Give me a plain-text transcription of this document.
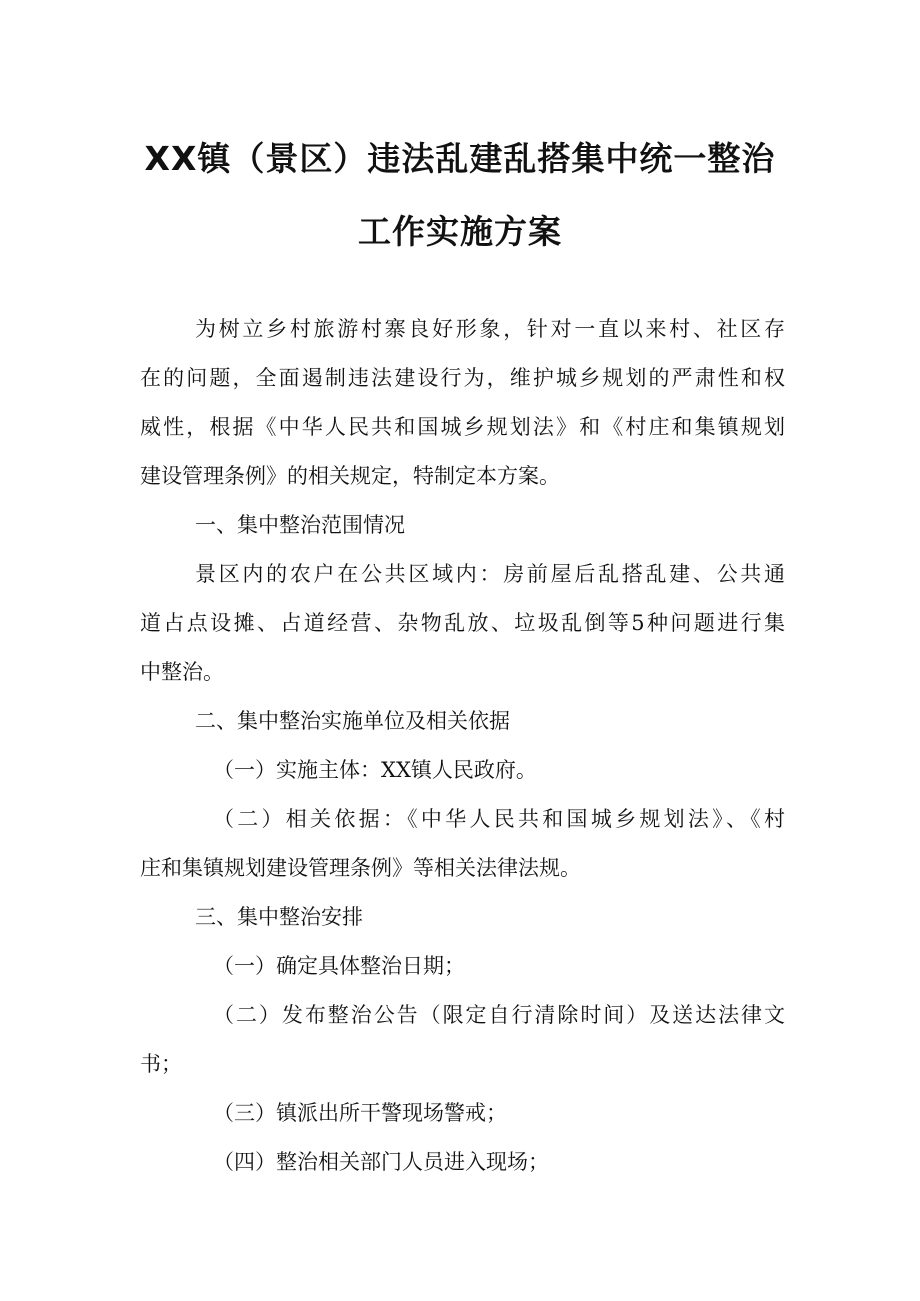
XX镇（景区）违法乱建乱搭集中统一整治
工作实施方案
为树立乡村旅游村寨良好形象，针对一直以来村、社区存
在的问题，全面遏制违法建设行为，维护城乡规划的严肃性和权
威性，根据《中华人民共和国城乡规划法》和《村庄和集镇规划
建设管理条例》的相关规定，特制定本方案。
一、集中整治范围情况
景区内的农户在公共区域内：房前屋后乱搭乱建、公共通
道占点设摊、占道经营、杂物乱放、垃圾乱倒等5种问题进行集
中整治。
二、集中整治实施单位及相关依据
（一）实施主体：XX镇人民政府。
（二）相关依据：《中华人民共和国城乡规划法》、《村
庄和集镇规划建设管理条例》等相关法律法规。
三、集中整治安排
（一）确定具体整治日期；
（二）发布整治公告（限定自行清除时间）及送达法律文
书；
（三）镇派出所干警现场警戒；
（四）整治相关部门人员进入现场；
